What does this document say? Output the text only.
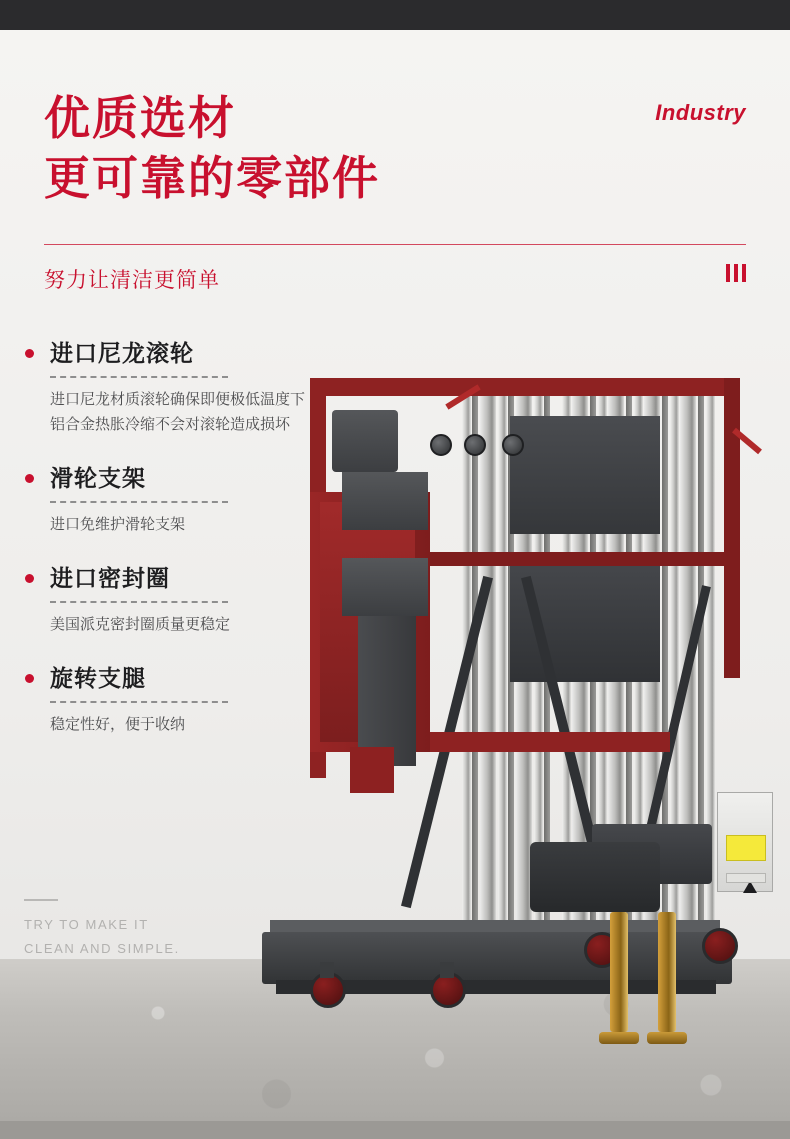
优质选材
更可靠的零部件
Industry
努力让清洁更简单
进口尼龙滚轮
进口尼龙材质滚轮确保即便极低温度下铝合金热胀冷缩不会对滚轮造成损坏
滑轮支架
进口免维护滑轮支架
进口密封圈
美国派克密封圈质量更稳定
旋转支腿
稳定性好，便于收纳
TRY TO MAKE IT
CLEAN AND SIMPLE.
